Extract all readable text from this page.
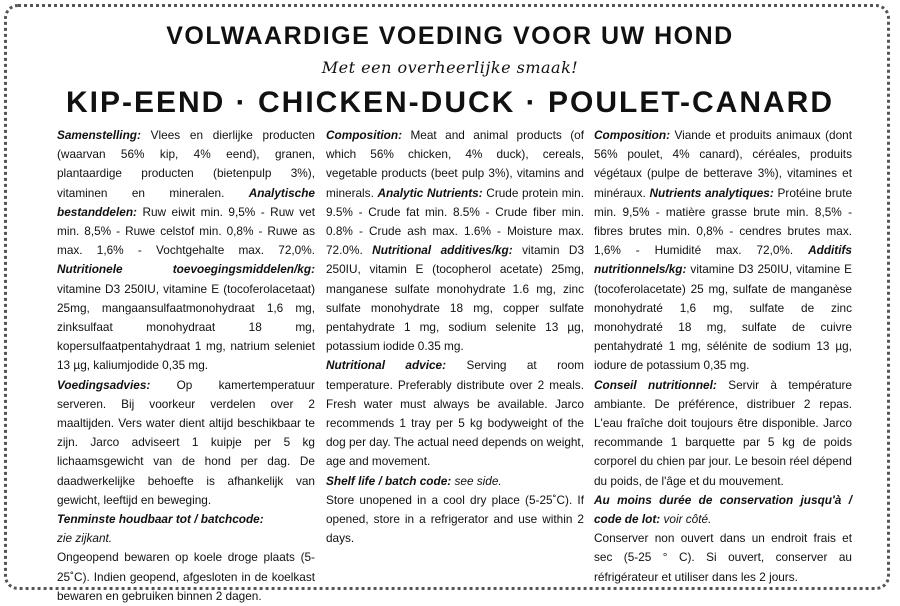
VOLWAARDIGE VOEDING VOOR UW HOND
Met een overheerlijke smaak!
KIP-EEND · CHICKEN-DUCK · POULET-CANARD

Samenstelling: Vlees en dierlijke producten (waarvan 56% kip, 4% eend), granen, plantaardige producten (bietenpulp 3%), vitaminen en mineralen. Analytische bestanddelen: Ruw eiwit min. 9,5% - Ruw vet min. 8,5% - Ruwe celstof min. 0,8% - Ruwe as max. 1,6% - Vochtgehalte max. 72,0%. Nutritionele toevoegingsmiddelen/kg: vitamine D3 250IU, vitamine E (tocoferolacetaat) 25mg, mangaansulfaatmonohydraat 1,6 mg, zinksulfaat monohydraat 18 mg, kopersulfaatpentahydraat 1 mg, natrium seleniet 13 µg, kaliumjodide 0,35 mg.

Voedingsadvies: Op kamertemperatuur serveren. Bij voorkeur verdelen over 2 maaltijden. Vers water dient altijd beschikbaar te zijn. Jarco adviseert 1 kuipje per 5 kg lichaamsgewicht van de hond per dag. De daadwerkelijke behoefte is afhankelijk van gewicht, leeftijd en beweging.

Tenminste houdbaar tot / batchcode:
zie zijkant.

Ongeopend bewaren op koele droge plaats (5-25˚C). Indien geopend, afgesloten in de koelkast bewaren en gebruiken binnen 2 dagen.

Composition: Meat and animal products (of which 56% chicken, 4% duck), cereals, vegetable products (beet pulp 3%), vitamins and minerals. Analytic Nutrients: Crude protein min. 9.5% - Crude fat min. 8.5% - Crude fiber min. 0.8% - Crude ash max. 1.6% - Moisture max. 72.0%. Nutritional additives/kg: vitamin D3 250IU, vitamin E (tocopherol acetate) 25mg, manganese sulfate monohydrate 1.6 mg, zinc sulfate monohydrate 18 mg, copper sulfate pentahydrate 1 mg, sodium selenite 13 µg, potassium iodide 0.35 mg.

Nutritional advice: Serving at room temperature. Preferably distribute over 2 meals. Fresh water must always be available. Jarco recommends 1 tray per 5 kg bodyweight of the dog per day. The actual need depends on weight, age and movement.

Shelf life / batch code: see side.

Store unopened in a cool dry place (5-25˚C). If opened, store in a refrigerator and use within 2 days.

Composition: Viande et produits animaux (dont 56% poulet, 4% canard), céréales, produits végétaux (pulpe de betterave 3%), vitamines et minéraux. Nutrients analytiques: Protéine brute min. 9,5% - matière grasse brute min. 8,5% - fibres brutes min. 0,8% - cendres brutes max. 1,6% - Humidité max. 72,0%. Additifs nutritionnels/kg: vitamine D3 250IU, vitamine E (tocoferolacetate) 25 mg, sulfate de manganèse monohydraté 1,6 mg, sulfate de zinc monohydraté 18 mg, sulfate de cuivre pentahydraté 1 mg, sélénite de sodium 13 µg, iodure de potassium 0,35 mg.

Conseil nutritionnel: Servir à température ambiante. De préférence, distribuer 2 repas. L'eau fraîche doit toujours être disponible. Jarco recommande 1 barquette par 5 kg de poids corporel du chien par jour. Le besoin réel dépend du poids, de l'âge et du mouvement.

Au moins durée de conservation jusqu'à / code de lot: voir côté.

Conserver non ouvert dans un endroit frais et sec (5-25 ° C). Si ouvert, conserver au réfrigérateur et utiliser dans les 2 jours.
